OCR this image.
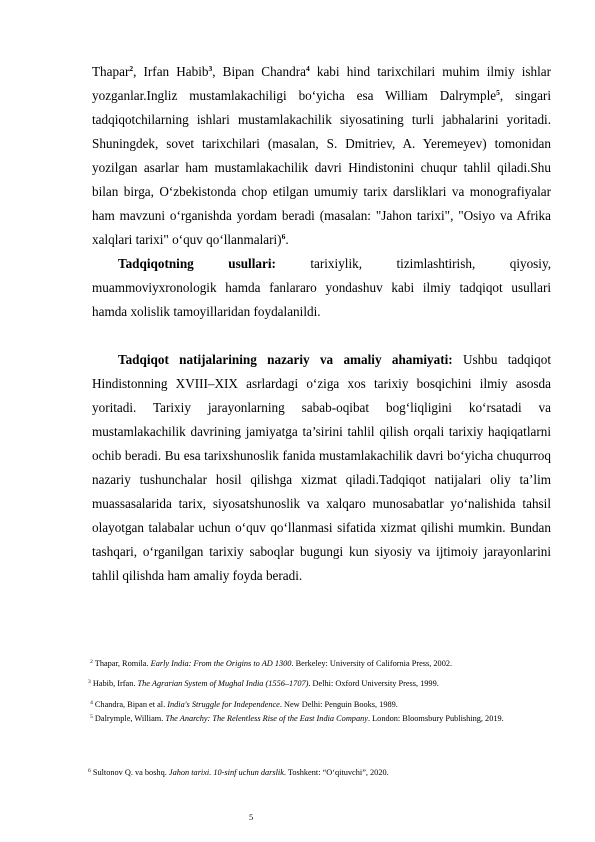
Thapar$^2$, Irfan Habib$^3$, Bipan Chandra$^4$ kabi hind tarixchilari muhim ilmiy ishlar yozganlar.Ingliz mustamlakachiligi bo‘yicha esa William Dalrymple$^5$, singari tadqiqotchilarning ishlari mustamlakachilik siyosatining turli jabhalarini yoritadi. Shuningdek, sovet tarixchilari (masalan, S. Dmitriev, A. Yeremeyev) tomonidan yozilgan asarlar ham mustamlakachilik davri Hindistonini chuqur tahlil qiladi.Shu bilan birga, O‘zbekistonda chop etilgan umumiy tarix darsliklari va monografiyalar ham mavzuni o‘rganishda yordam beradi (masalan: "Jahon tarixi", "Osiyo va Afrika xalqlari tarixi" o‘quv qo‘llanmalari)$^6$.

Tadqiqotning usullari: tarixiylik, tizimlashtirish, qiyosiy, muammoviyxronologik hamda fanlararo yondashuv kabi ilmiy tadqiqot usullari hamda xolislik tamoyillaridan foydalanildi.

Tadqiqot natijalarining nazariy va amaliy ahamiyati: Ushbu tadqiqot Hindistonning XVIII–XIX asrlardagi o‘ziga xos tarixiy bosqichini ilmiy asosda yoritadi. Tarixiy jarayonlarning sabab-oqibat bog‘liqligini ko‘rsatadi va mustamlakachilik davrining jamiyatga ta’sirini tahlil qilish orqali tarixiy haqiqatlarni ochib beradi. Bu esa tarixshunoslik fanida mustamlakachilik davri bo‘yicha chuqurroq nazariy tushunchalar hosil qilishga xizmat qiladi.Tadqiqot natijalari oliy ta’lim muassasalarida tarix, siyosatshunoslik va xalqaro munosabatlar yo‘nalishida tahsil olayotgan talabalar uchun o‘quv qo‘llanmasi sifatida xizmat qilishi mumkin. Bundan tashqari, o‘rganilgan tarixiy saboqlar bugungi kun siyosiy va ijtimoiy jarayonlarini tahlil qilishda ham amaliy foyda beradi.

$^2$ Thapar, Romila. Early India: From the Origins to AD 1300. Berkeley: University of California Press, 2002.

$^3$ Habib, Irfan. The Agrarian System of Mughal India (1556–1707). Delhi: Oxford University Press, 1999.

$^4$ Chandra, Bipan et al. India's Struggle for Independence. New Delhi: Penguin Books, 1989.

$^5$ Dalrymple, William. The Anarchy: The Relentless Rise of the East India Company. London: Bloomsbury Publishing, 2019.

$^6$ Sultonov Q. va boshq. Jahon tarixi. 10-sinf uchun darslik. Toshkent: “O‘qituvchi”, 2020.

5
